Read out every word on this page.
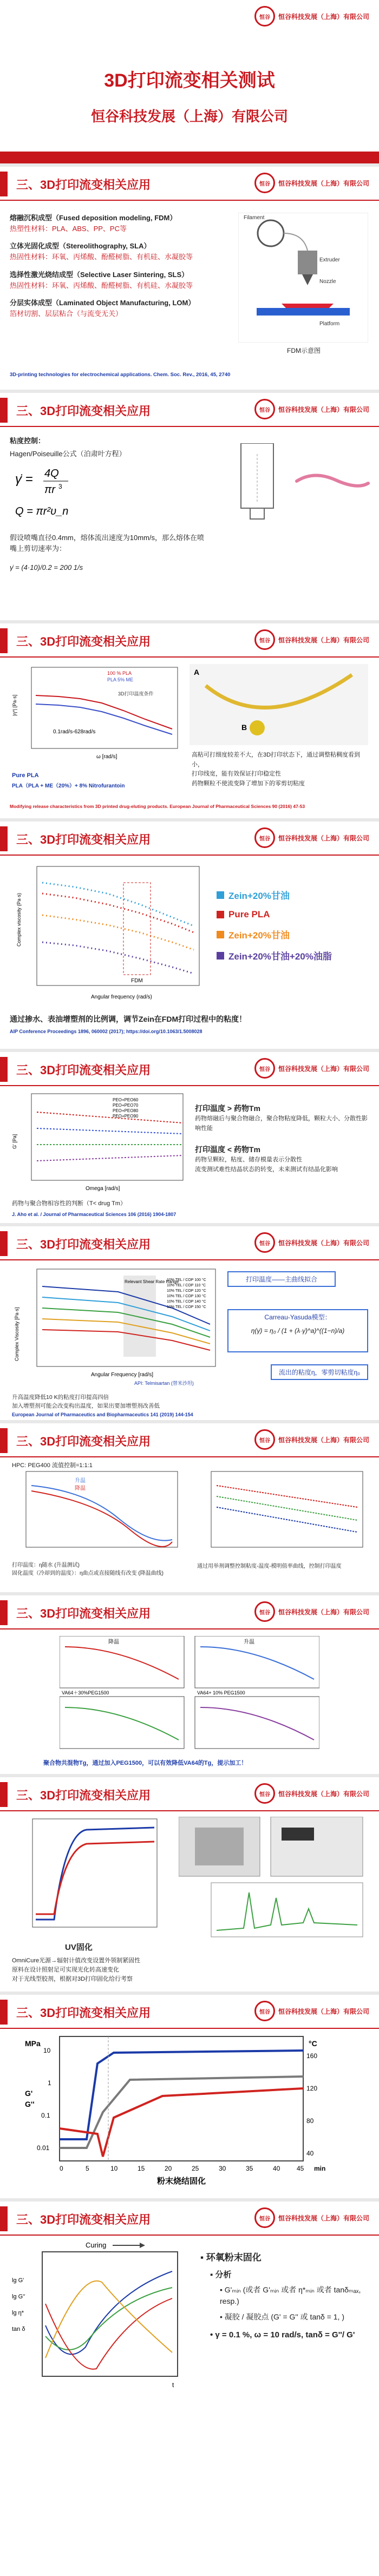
恒谷	恒谷科技发展（上海）有限公司
3D打印流变相关测试
恒谷科技发展（上海）有限公司
三、3D打印流变相关应用	恒谷	恒谷科技发展（上海）有限公司
熔融沉积成型（Fused deposition modeling, FDM）
热塑性材料：PLA、ABS、PP、PC等
立体光固化成型（Stereolithography, SLA）
热固性材料：环氧、丙烯酸、酚醛树脂、有机硅、水凝胶等
选择性激光烧结成型（Selective Laser Sintering, SLS）
热固性材料：环氧、丙烯酸、酚醛树脂、有机硅、水凝胶等
分层实体成型（Laminated Object Manufacturing, LOM）
箔材切割、层层粘合（与流变无关）
3D-printing technologies for electrochemical applications. Chem. Soc. Rev., 2016, 45, 2740
Extruder
Nozzle
Filament
Platform
FDM示意图
三、3D打印流变相关应用	恒谷	恒谷科技发展（上海）有限公司
粘度控制：
Hagen/Poiseuille公式（泊肃叶方程）
γ̇ = 4Q
πr 3
Q = πr²υ_n
假设喷嘴直径0.4mm，熔体流出速度为10mm/s，那么熔体在喷嘴上剪切速率为：
γ̇ = (4·10)/0.2 = 200 1/s
三、3D打印流变相关应用	恒谷	恒谷科技发展（上海）有限公司
100 % PLA
PLA 5% ME
0.1rad/s-628rad/s
3D打印温度条件
|η*| [Pa·s]
ω [rad/s]
Pure PLA
PLA（PLA + ME（20%）+ 8% Nitrofurantoin
A
B
高粘可打细度较差不大，在3D打印状态下，通过调整粘稠度看到小，
打印线宽，能有效保证打印稳定性
药物颗粒不使流变降了增加下的零剪切粘度
Modifying release characteristics from 3D printed drug-eluting products. European Journal of Pharmaceutical Sciences 90 (2016) 47-53
三、3D打印流变相关应用	恒谷	恒谷科技发展（上海）有限公司
FDM
Complex viscosity (Pa·s)
Angular frequency (rad/s)
Zein+20%甘油
Pure PLA
Zein+20%甘油
Zein+20%甘油+20%油脂
通过掺水、表油增塑剂的比例调，调节Zein在FDM打印过程中的粘度！
AIP Conference Proceedings 1896, 060002 (2017); https://doi.org/10.1063/1.5008028
三、3D打印流变相关应用	恒谷	恒谷科技发展（上海）有限公司
PEO+PEO60
PEO+PEO70
PEO+PEO80
PEO+PEO90
G' [Pa]
Omega [rad/s]
药物与聚合物相容性的判断（T< drug Tm）
J. Aho et al. / Journal of Pharmaceutical Sciences 106 (2016) 1904-1807
打印温度 > 药物Tm
药物熔融后与聚合物融合，聚合物粘度降低，颗粒大小、分散性影响性能
打印温度 < 药物Tm
药物呈颗粒，粘度、储存模量表示分散性
流变测试难性结晶状态的转变，未来测试有结晶化影响
三、3D打印流变相关应用	恒谷	恒谷科技发展（上海）有限公司
Relevant Shear Rate Range
10% TEL / COP 100 °C
10% TEL / COP 110 °C
10% TEL / COP 120 °C
10% TEL / COP 130 °C
10% TEL / COP 140 °C
10% TEL / COP 150 °C
Complex Viscosity [Pa·s]
Angular Frequency [rad/s]
API: Telmisartan (替米沙坦)
打印温度——主曲线拟合
Carreau-Yasuda模型：
η(γ̇) = η₀ / (1 + (λ·γ̇)^a)^((1−n)/a)
流出的粘度η，零剪切粘度η₀
升高温度降低10 K的粘度打印提高四倍
加入增塑剂可能会改变构出温度，如果出要加增塑剂改善低
European Journal of Pharmaceutics and Biopharmaceutics 141 (2019) 144-154
三、3D打印流变相关应用	恒谷	恒谷科技发展（上海）有限公司
HPC: PEG400 流值控制=1:1:1
升温
降温
打印温度：η随水 (升温测试)
固化温度（冷却到的温度）：η曲点或直接随线有改变 (降温曲线)
通过用举剂调整控制粘度-温度-模明值率曲线，控制打印温度
三、3D打印流变相关应用	恒谷	恒谷科技发展（上海）有限公司
降温	升温
VA64＋30%PEG1500	VA64+ 10% PEG1500
聚合物共混物Tg，通过加入PEG1500，可以有效降低VA64的Tg，提示加工！
三、3D打印流变相关应用	恒谷	恒谷科技发展（上海）有限公司
UV固化
OmniCure光源→辐射计值改变设置外领制紧固性
原料在设计照射足可实现光化转高速变化
对于光线型胶剂，根据对3D打印固化给行考察
三、3D打印流变相关应用	恒谷	恒谷科技发展（上海）有限公司
MPa	°C
G'
G''
10
1
0.1
0.01
160
120
80
40
0	5	10	15	20	25	30	35	40	45 min
粉末烧结固化
三、3D打印流变相关应用	恒谷	恒谷科技发展（上海）有限公司
Curing
lg G'
lg G''
lg η*
tan δ
t
▪ 环氧粉末固化
▪ 分析
• G'ₘᵢₙ (或者 G'ₘᵢₙ 或者 η*ₘᵢₙ 或者 tanδₘₐₓ, resp.)
• 凝胶 / 凝胶点 (G' = G'' 或 tanδ = 1, )
• γ = 0.1 %, ω = 10 rad/s, tanδ = G''/ G'
